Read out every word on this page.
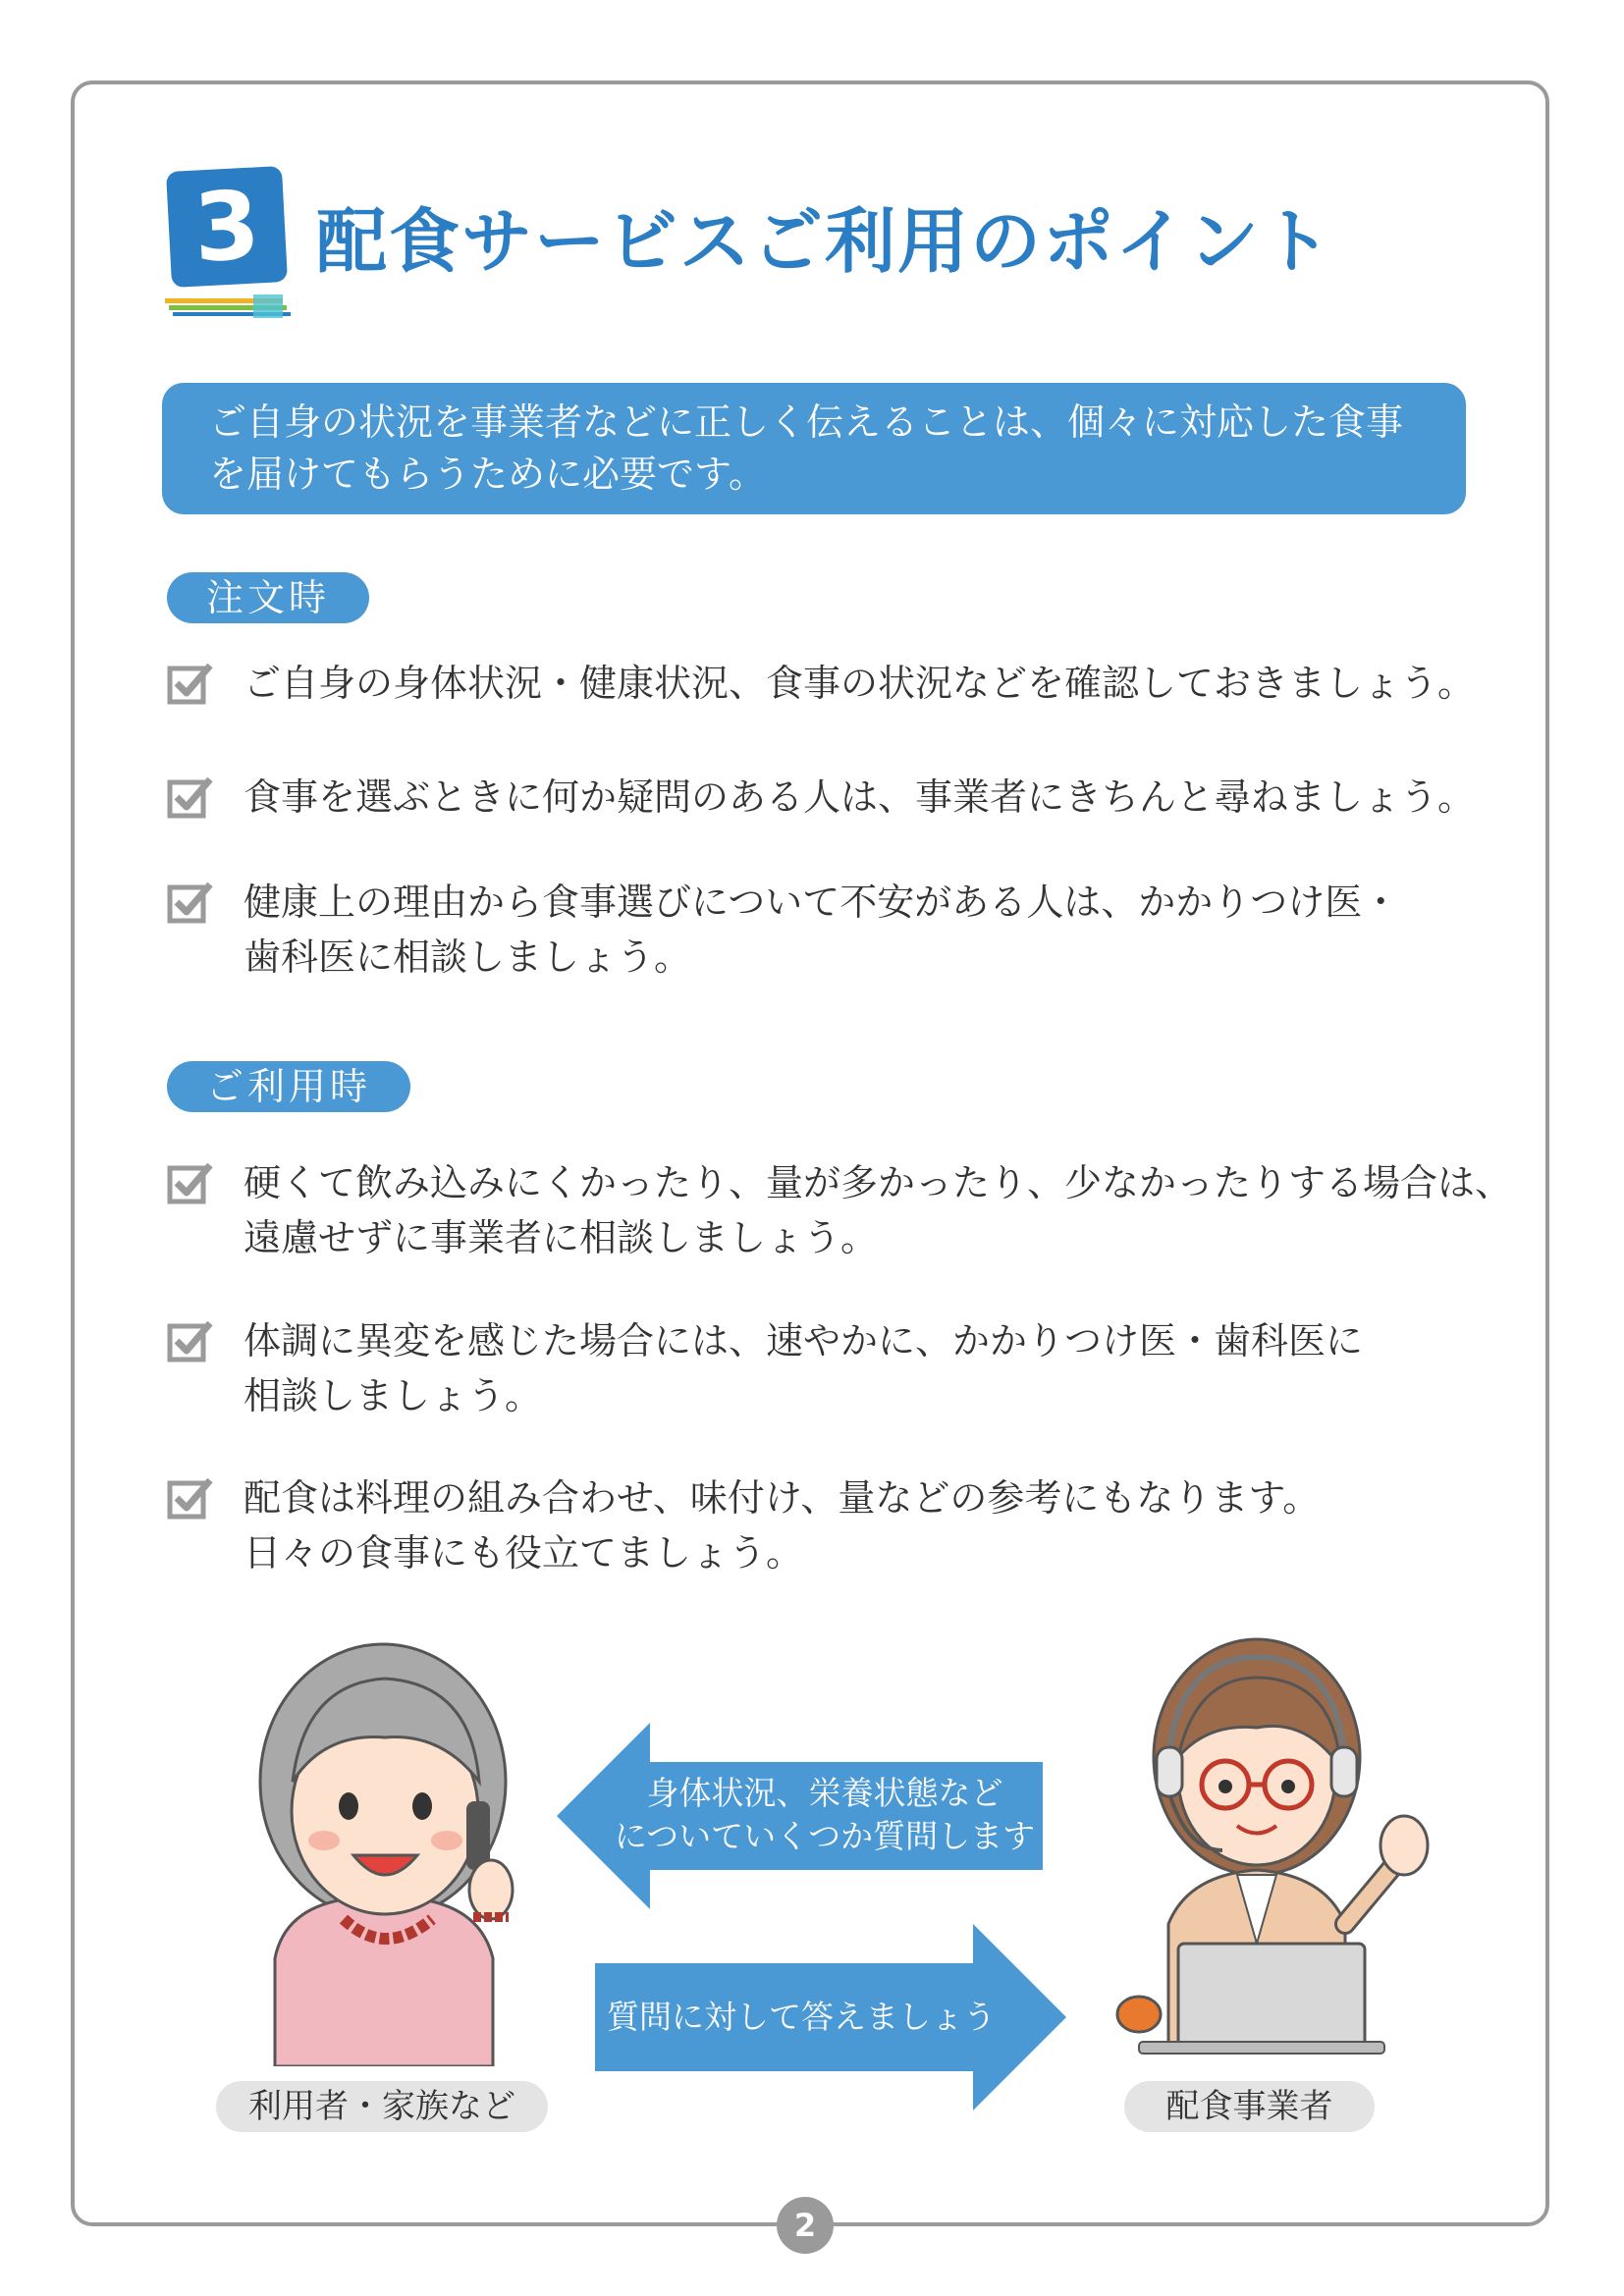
3 配食サービスご利用のポイント
ご自身の状況を事業者などに正しく伝えることは、個々に対応した食事
を届けてもらうために必要です。
注文時
ご自身の身体状況・健康状況、食事の状況などを確認しておきましょう。
食事を選ぶときに何か疑問のある人は、事業者にきちんと尋ねましょう。
健康上の理由から食事選びについて不安がある人は、かかりつけ医・
歯科医に相談しましょう。
ご利用時
硬くて飲み込みにくかったり、量が多かったり、少なかったりする場合は、
遠慮せずに事業者に相談しましょう。
体調に異変を感じた場合には、速やかに、かかりつけ医・歯科医に
相談しましょう。
配食は料理の組み合わせ、味付け、量などの参考にもなります。
日々の食事にも役立てましょう。
身体状況、栄養状態など
についていくつか質問します
質問に対して答えましょう
利用者・家族など	配食事業者
2
